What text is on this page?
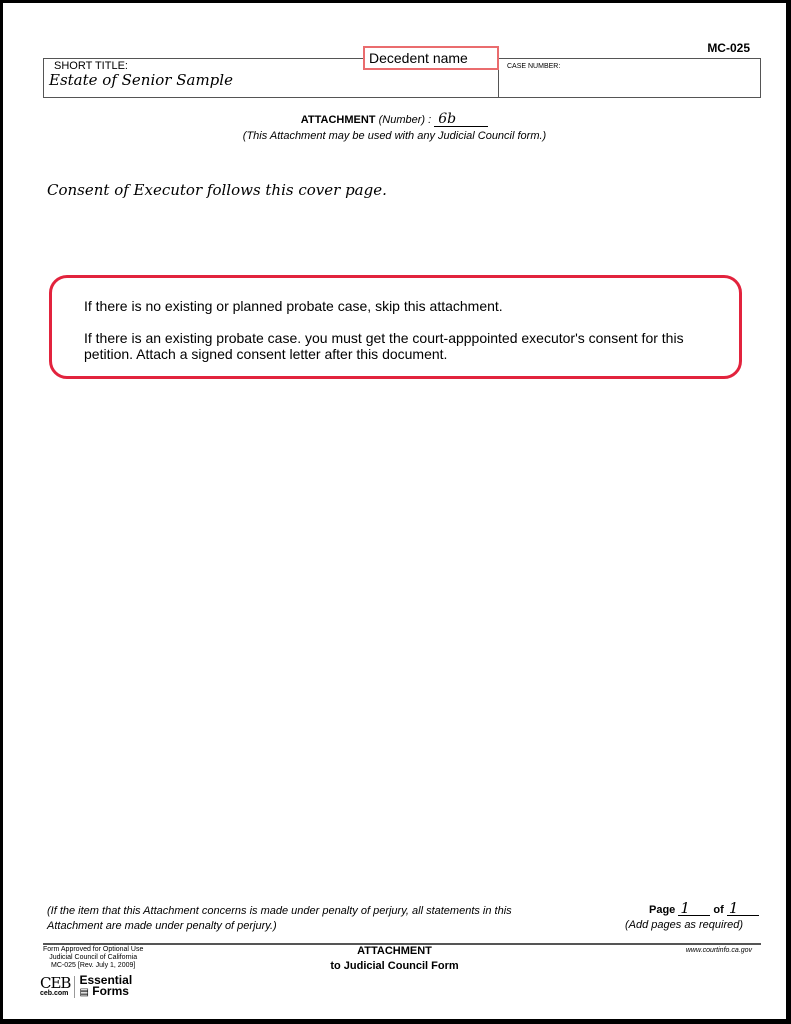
MC-025
SHORT TITLE:
Estate of Senior Sample
CASE NUMBER:
Decedent name
ATTACHMENT (Number) : 6b
(This Attachment may be used with any Judicial Council form.)
Consent of Executor follows this cover page.

If there is no existing or planned probate case, skip this attachment.

If there is an existing probate case. you must get the court-apppointed executor's consent for this petition. Attach a signed consent letter after this document.

(If the item that this Attachment concerns is made under penalty of perjury, all statements in this Attachment are made under penalty of perjury.)
Page 1 of 1
(Add pages as required)
Form Approved for Optional Use
Judicial Council of California
MC-025 [Rev. July 1, 2009]
ATTACHMENT
to Judicial Council Form
www.courtinfo.ca.gov
CEB
ceb.com
Essential
▤ Forms
